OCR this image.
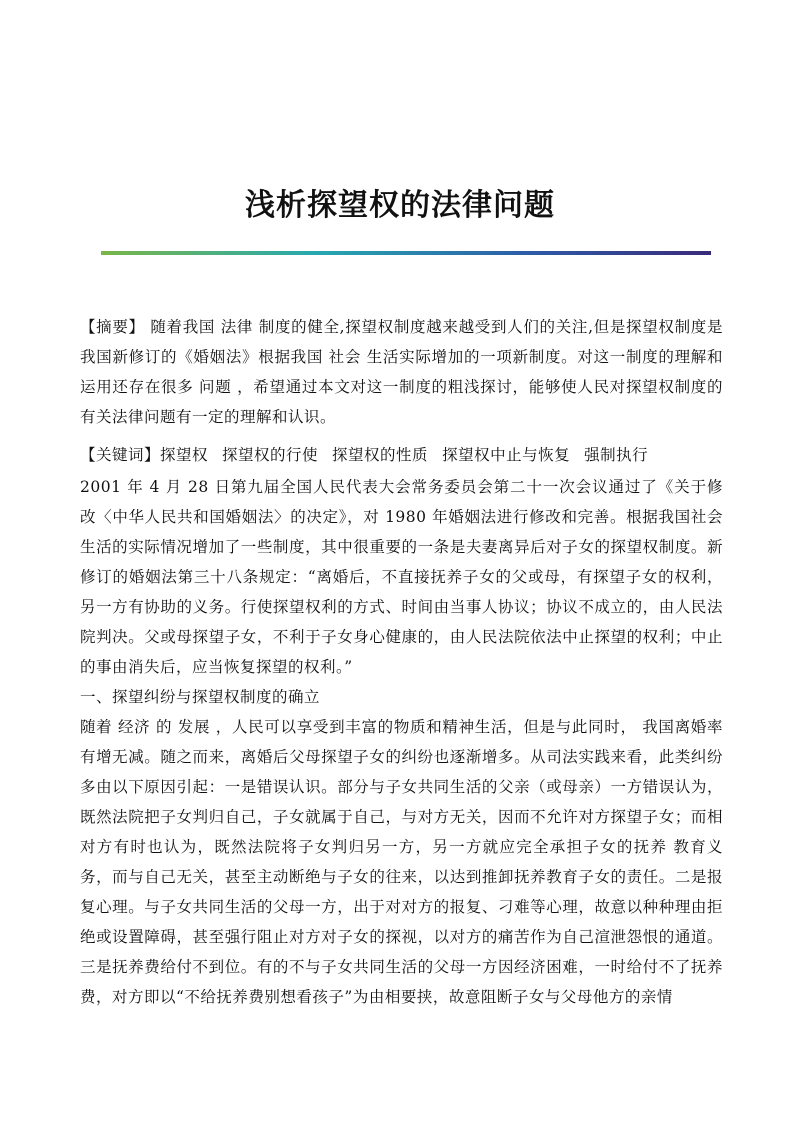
浅析探望权的法律问题

【摘要】 随着我国 法律 制度的健全,探望权制度越来越受到人们的关注,但是探望权制度是我国新修订的《婚姻法》根据我国 社会 生活实际增加的一项新制度。对这一制度的理解和运用还存在很多 问题 ，希望通过本文对这一制度的粗浅探讨，能够使人民对探望权制度的有关法律问题有一定的理解和认识。

【关键词】探望权 探望权的行使 探望权的性质 探望权中止与恢复 强制执行

2001 年 4 月 28 日第九届全国人民代表大会常务委员会第二十一次会议通过了《关于修改〈中华人民共和国婚姻法〉的决定》，对 1980 年婚姻法进行修改和完善。根据我国社会生活的实际情况增加了一些制度，其中很重要的一条是夫妻离异后对子女的探望权制度。新修订的婚姻法第三十八条规定：“离婚后，不直接抚养子女的父或母，有探望子女的权利，另一方有协助的义务。行使探望权利的方式、时间由当事人协议；协议不成立的，由人民法院判决。父或母探望子女，不利于子女身心健康的，由人民法院依法中止探望的权利；中止的事由消失后，应当恢复探望的权利。”

一、探望纠纷与探望权制度的确立

随着 经济 的 发展 ，人民可以享受到丰富的物质和精神生活，但是与此同时， 我国离婚率有增无减。随之而来，离婚后父母探望子女的纠纷也逐渐增多。从司法实践来看，此类纠纷多由以下原因引起：一是错误认识。部分与子女共同生活的父亲（或母亲）一方错误认为，既然法院把子女判归自己，子女就属于自己，与对方无关，因而不允许对方探望子女；而相对方有时也认为，既然法院将子女判归另一方，另一方就应完全承担子女的抚养 教育义务，而与自己无关，甚至主动断绝与子女的往来，以达到推卸抚养教育子女的责任。二是报复心理。与子女共同生活的父母一方，出于对对方的报复、刁难等心理，故意以种种理由拒绝或设置障碍，甚至强行阻止对方对子女的探视，以对方的痛苦作为自己渲泄怨恨的通道。三是抚养费给付不到位。有的不与子女共同生活的父母一方因经济困难，一时给付不了抚养费，对方即以“不给抚养费别想看孩子”为由相要挟，故意阻断子女与父母他方的亲情
